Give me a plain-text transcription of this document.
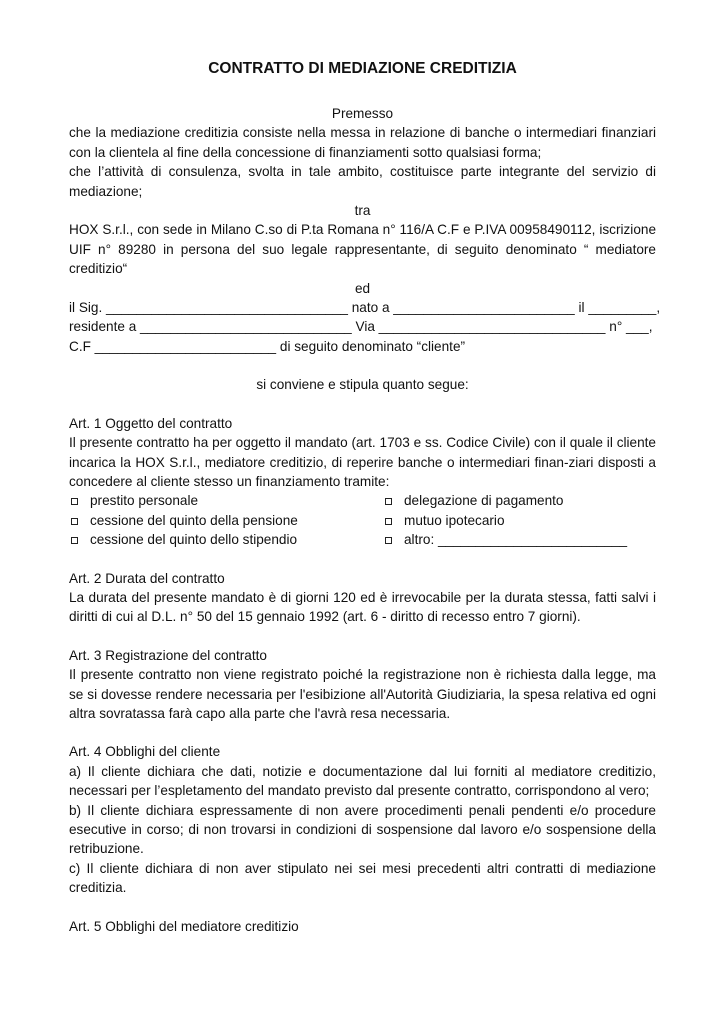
CONTRATTO DI MEDIAZIONE CREDITIZIA

Premesso

che la mediazione creditizia consiste nella messa in relazione di banche o intermediari finanziari con la clientela al fine della concessione di finanziamenti sotto qualsiasi forma;

che l’attività di consulenza, svolta in tale ambito, costituisce parte integrante del servizio di mediazione;

tra

HOX S.r.l., con sede in Milano C.so di P.ta Romana n° 116/A C.F e P.IVA 00958490112, iscrizione UIF n° 89280 in persona del suo legale rappresentante, di seguito denominato “ mediatore creditizio“

ed

il Sig. ________________________________ nato a ________________________ il _________,

residente a ____________________________ Via ______________________________ n° ___,

C.F ________________________ di seguito denominato “cliente”

si conviene e stipula quanto segue:

Art. 1 Oggetto del contratto

Il presente contratto ha per oggetto il mandato (art. 1703 e ss. Codice Civile) con il quale il cliente incarica la HOX S.r.l., mediatore creditizio, di reperire banche o intermediari finan-ziari disposti a concedere al cliente stesso un finanziamento tramite:

prestito personale
cessione del quinto della pensione
cessione del quinto dello stipendio
delegazione di pagamento
mutuo ipotecario
altro: _________________________

Art. 2 Durata del contratto

La durata del presente mandato è di giorni 120 ed è irrevocabile per la durata stessa, fatti salvi i diritti di cui al D.L. n° 50 del 15 gennaio 1992 (art. 6 - diritto di recesso entro 7 giorni).

Art. 3 Registrazione del contratto

Il presente contratto non viene registrato poiché la registrazione non è richiesta dalla legge, ma se si dovesse rendere necessaria per l'esibizione all'Autorità Giudiziaria, la spesa relativa ed ogni altra sovratassa farà capo alla parte che l'avrà resa necessaria.

Art. 4 Obblighi del cliente

a) Il cliente dichiara che dati, notizie e documentazione dal lui forniti al mediatore creditizio, necessari per l’espletamento del mandato previsto dal presente contratto, corrispondono al vero;

b) Il cliente dichiara espressamente di non avere procedimenti penali pendenti e/o procedure esecutive in corso; di non trovarsi in condizioni di sospensione dal lavoro e/o sospensione della retribuzione.

c) Il cliente dichiara di non aver stipulato nei sei mesi precedenti altri contratti di mediazione creditizia.

Art. 5 Obblighi del mediatore creditizio
